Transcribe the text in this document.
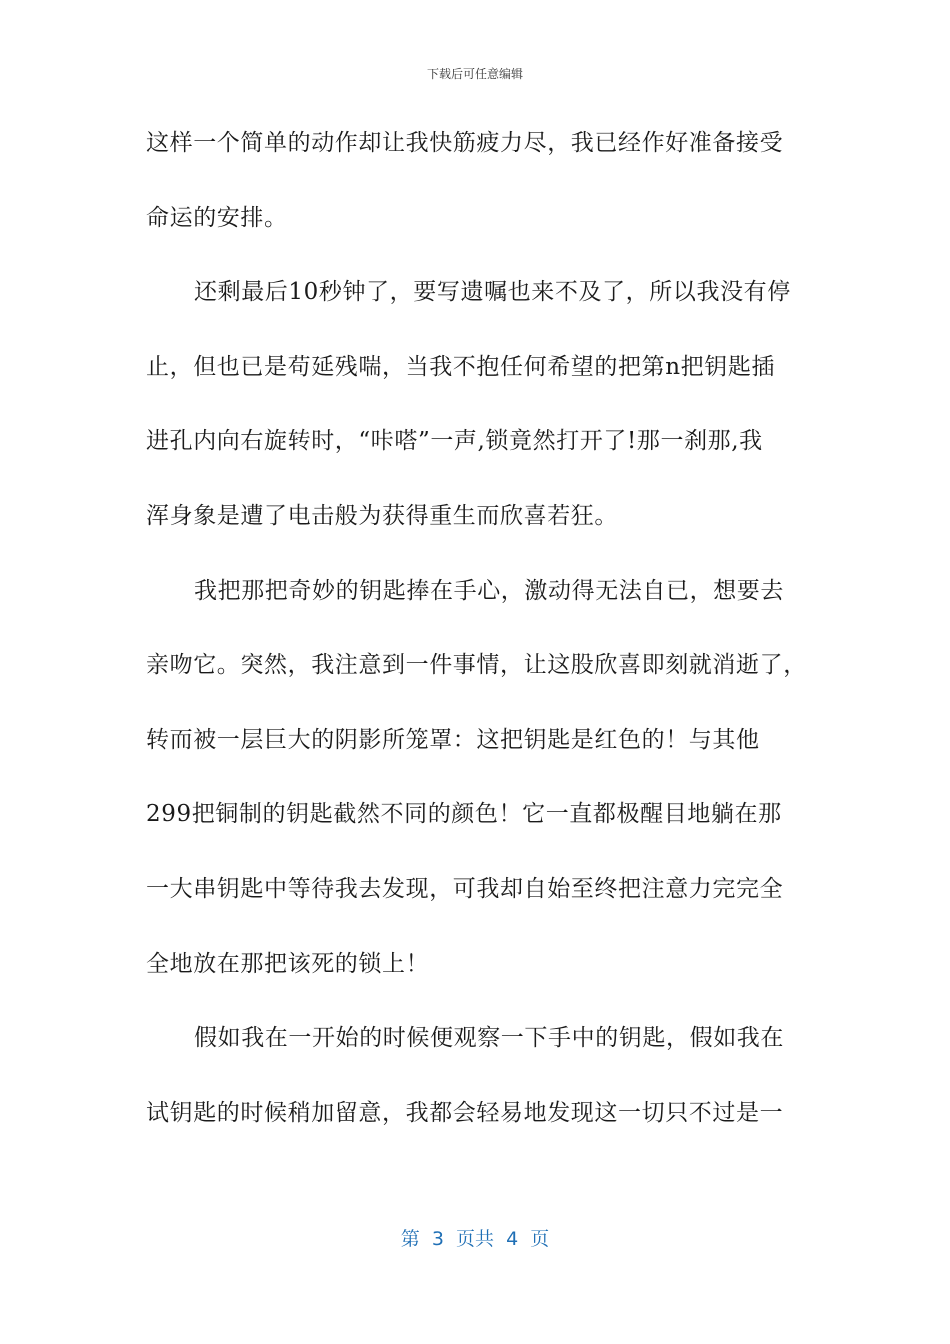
下载后可任意编辑
这样一个简单的动作却让我快筋疲力尽，我已经作好准备接受
命运的安排。
还剩最后10秒钟了，要写遗嘱也来不及了，所以我没有停
止，但也已是苟延残喘，当我不抱任何希望的把第n把钥匙插
进孔内向右旋转时，“咔嗒”一声,锁竟然打开了!那一刹那,我
浑身象是遭了电击般为获得重生而欣喜若狂。
我把那把奇妙的钥匙捧在手心，激动得无法自已，想要去
亲吻它。突然，我注意到一件事情，让这股欣喜即刻就消逝了，
转而被一层巨大的阴影所笼罩：这把钥匙是红色的！与其他
299把铜制的钥匙截然不同的颜色！它一直都极醒目地躺在那
一大串钥匙中等待我去发现，可我却自始至终把注意力完完全
全地放在那把该死的锁上！
假如我在一开始的时候便观察一下手中的钥匙，假如我在
试钥匙的时候稍加留意，我都会轻易地发现这一切只不过是一
第  3  页共  4  页
